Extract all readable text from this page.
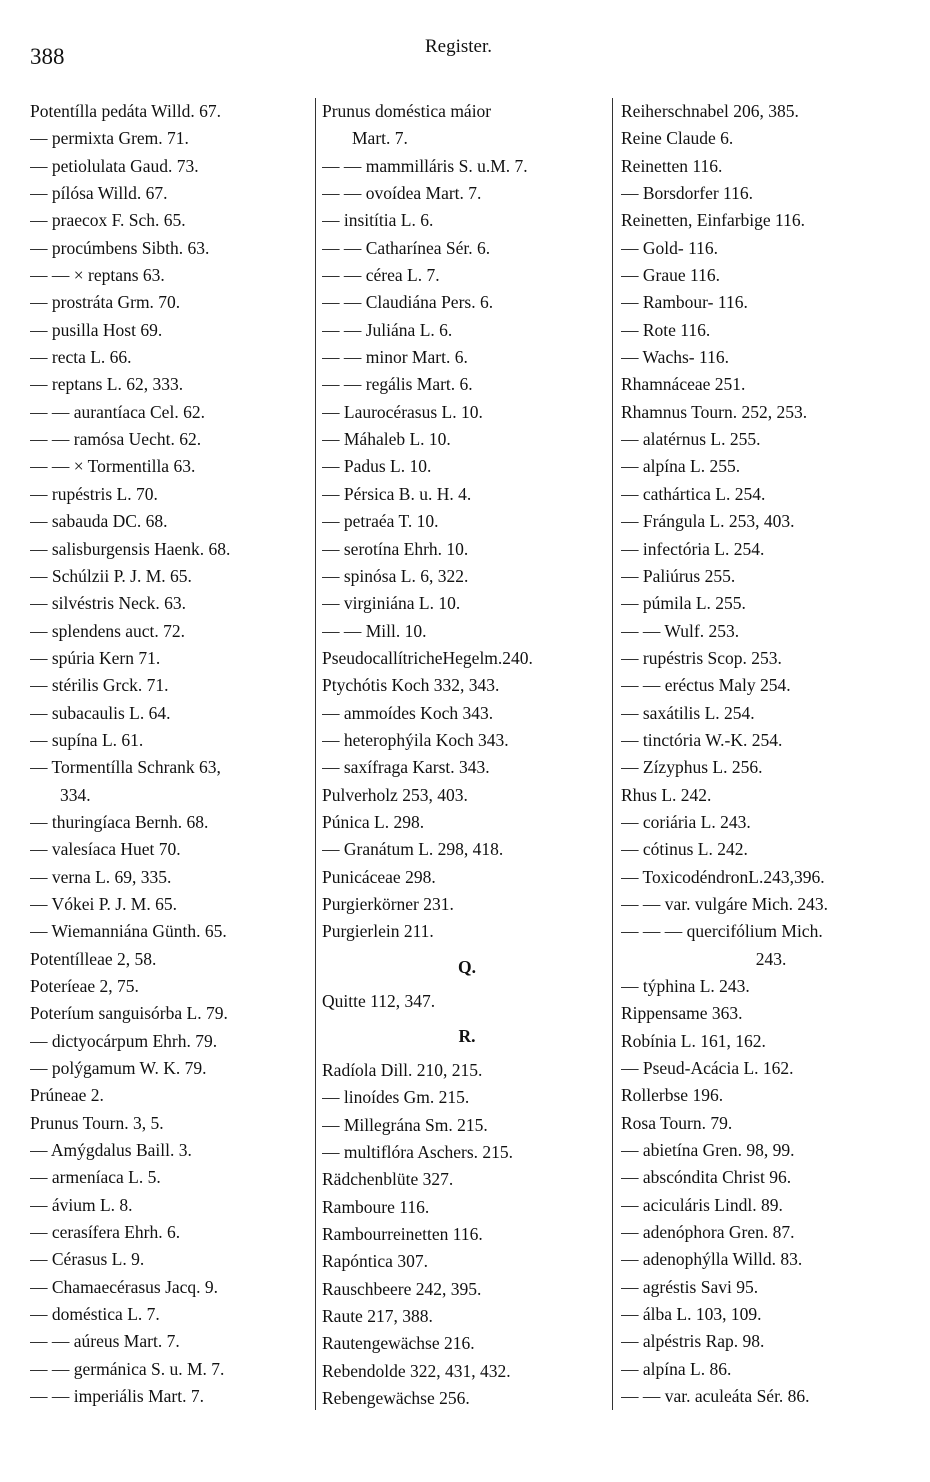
388	Register.
Potentílla pedáta Willd. 67.
— permixta Grem. 71.
— petiolulata Gaud. 73.
— pílósa Willd. 67.
— praecox F. Sch. 65.
— procúmbens Sibth. 63.
— — × reptans 63.
— prostráta Grm. 70.
— pusilla Host 69.
— recta L. 66.
— reptans L. 62, 333.
— — aurantíaca Cel. 62.
— — ramósa Uecht. 62.
— — × Tormentilla 63.
— rupéstris L. 70.
— sabauda DC. 68.
— salisburgensis Haenk. 68.
— Schúlzii P. J. M. 65.
— silvéstris Neck. 63.
— splendens auct. 72.
— spúria Kern 71.
— stérilis Grck. 71.
— subacaulis L. 64.
— supína L. 61.
— Tormentílla Schrank 63,
334.
— thuringíaca Bernh. 68.
— valesíaca Huet 70.
— verna L. 69, 335.
— Vókei P. J. M. 65.
— Wiemanniána Günth. 65.
Potentílleae 2, 58.
Poteríeae 2, 75.
Poteríum sanguisórba L. 79.
— dictyocárpum Ehrh. 79.
— polýgamum W. K. 79.
Prúneae 2.
Prunus Tourn. 3, 5.
— Amýgdalus Baill. 3.
— armeníaca L. 5.
— ávium L. 8.
— cerasífera Ehrh. 6.
— Cérasus L. 9.
— Chamaecérasus Jacq. 9.
— doméstica L. 7.
— — aúreus Mart. 7.
— — germánica S. u. M. 7.
— — imperiális Mart. 7.
Prunus doméstica máior
Mart. 7.
— — mammilláris S. u.M. 7.
— — ovoídea Mart. 7.
— insitítia L. 6.
— — Catharínea Sér. 6.
— — cérea L. 7.
— — Claudiána Pers. 6.
— — Juliána L. 6.
— — minor Mart. 6.
— — regális Mart. 6.
— Laurocérasus L. 10.
— Máhaleb L. 10.
— Padus L. 10.
— Pérsica B. u. H. 4.
— petraéa T. 10.
— serotína Ehrh. 10.
— spinósa L. 6, 322.
— virginiána L. 10.
— — Mill. 10.
PseudocallítricheHegelm.240.
Ptychótis Koch 332, 343.
— ammoídes Koch 343.
— heterophýila Koch 343.
— saxífraga Karst. 343.
Pulverholz 253, 403.
Púnica L. 298.
— Granátum L. 298, 418.
Punicáceae 298.
Purgierkörner 231.
Purgierlein 211.
Q.
Quitte 112, 347.
R.
Radíola Dill. 210, 215.
— linoídes Gm. 215.
— Millegrána Sm. 215.
— multiflóra Aschers. 215.
Rädchenblüte 327.
Ramboure 116.
Rambourreinetten 116.
Rapóntica 307.
Rauschbeere 242, 395.
Raute 217, 388.
Rautengewächse 216.
Rebendolde 322, 431, 432.
Rebengewächse 256.
Reiherschnabel 206, 385.
Reine Claude 6.
Reinetten 116.
— Borsdorfer 116.
Reinetten, Einfarbige 116.
— Gold- 116.
— Graue 116.
— Rambour- 116.
— Rote 116.
— Wachs- 116.
Rhamnáceae 251.
Rhamnus Tourn. 252, 253.
— alatérnus L. 255.
— alpína L. 255.
— cathártica L. 254.
— Frángula L. 253, 403.
— infectória L. 254.
— Paliúrus 255.
— púmila L. 255.
— — Wulf. 253.
— rupéstris Scop. 253.
— — eréctus Maly 254.
— saxátilis L. 254.
— tinctória W.-K. 254.
— Zízyphus L. 256.
Rhus L. 242.
— coriária L. 243.
— cótinus L. 242.
— ToxicodéndronL.243,396.
— — var. vulgáre Mich. 243.
— — — quercifólium Mich.
243.
— týphina L. 243.
Rippensame 363.
Robínia L. 161, 162.
— Pseud-Acácia L. 162.
Rollerbse 196.
Rosa Tourn. 79.
— abietína Gren. 98, 99.
— abscóndita Christ 96.
— aciculáris Lindl. 89.
— adenóphora Gren. 87.
— adenophýlla Willd. 83.
— agréstis Savi 95.
— álba L. 103, 109.
— alpéstris Rap. 98.
— alpína L. 86.
— — var. aculeáta Sér. 86.
